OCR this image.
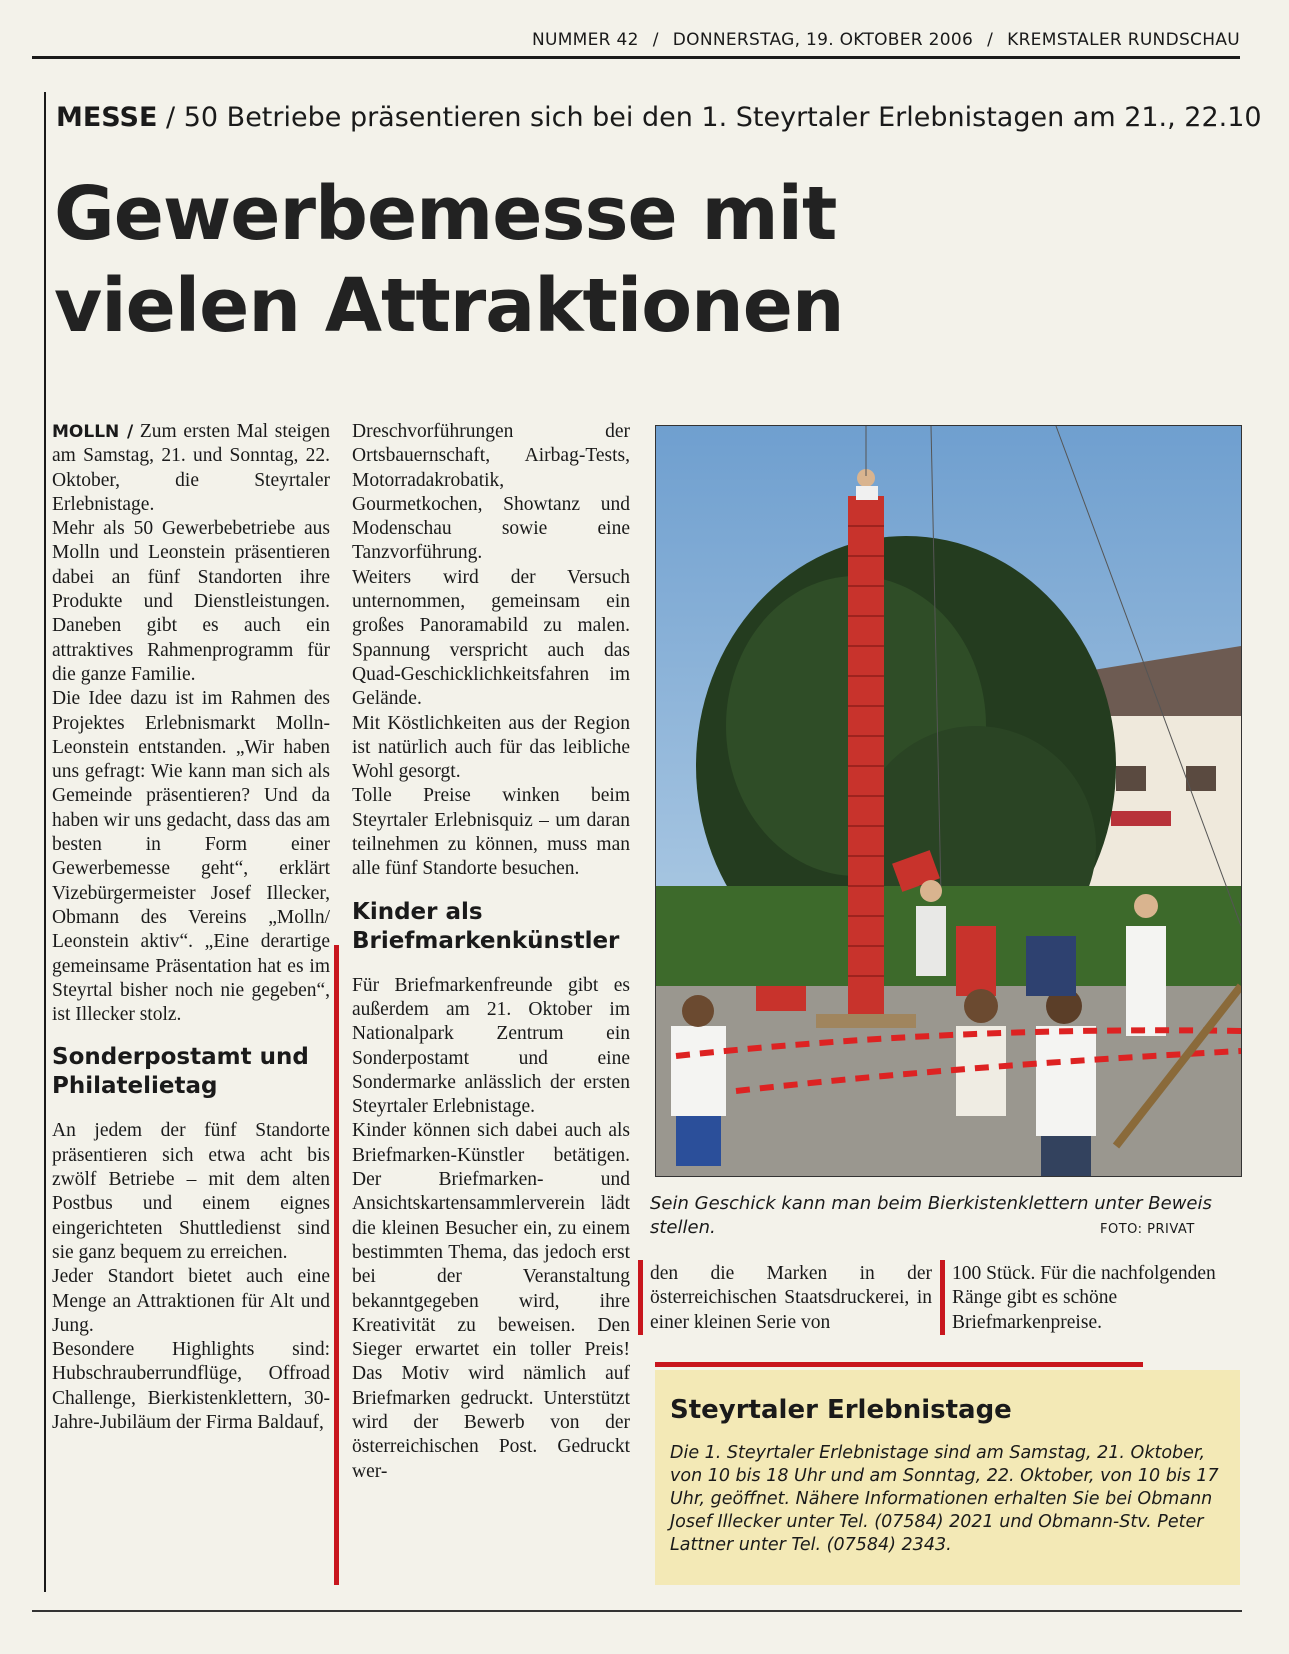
NUMMER 42 / DONNERSTAG, 19. OKTOBER 2006 / KREMSTALER RUNDSCHAU
MESSE / 50 Betriebe präsentieren sich bei den 1. Steyrtaler Erlebnistagen am 21., 22.10
Gewerbemesse mit
vielen Attraktionen

MOLLN / Zum ersten Mal steigen am Samstag, 21. und Sonntag, 22. Oktober, die Steyrtaler Erlebnistage.

Mehr als 50 Gewerbebetriebe aus Molln und Leonstein präsentieren dabei an fünf Standorten ihre Produkte und Dienstleistungen. Daneben gibt es auch ein attraktives Rahmenprogramm für die ganze Familie.

Die Idee dazu ist im Rahmen des Projektes Erlebnismarkt Molln-Leonstein entstanden. „Wir haben uns gefragt: Wie kann man sich als Gemeinde präsentieren? Und da haben wir uns gedacht, dass das am besten in Form einer Gewerbemesse geht“, erklärt Vizebürgermeister Josef Illecker, Obmann des Vereins „Molln/ Leonstein aktiv“. „Eine derartige gemeinsame Präsentation hat es im Steyrtal bisher noch nie gegeben“, ist Illecker stolz.

Sonderpostamt und Philatelietag

An jedem der fünf Standorte präsentieren sich etwa acht bis zwölf Betriebe – mit dem alten Postbus und einem eignes eingerichteten Shuttledienst sind sie ganz bequem zu erreichen.

Jeder Standort bietet auch eine Menge an Attraktionen für Alt und Jung.

Besondere Highlights sind: Hubschrauberrundflüge, Offroad Challenge, Bierkistenklettern, 30-Jahre-Jubiläum der Firma Baldauf,

Dreschvorführungen der Ortsbauernschaft, Airbag-Tests, Motorradakrobatik, Gourmetkochen, Showtanz und Modenschau sowie eine Tanzvorführung.

Weiters wird der Versuch unternommen, gemeinsam ein großes Panoramabild zu malen. Spannung verspricht auch das Quad-Geschicklichkeitsfahren im Gelände.

Mit Köstlichkeiten aus der Region ist natürlich auch für das leibliche Wohl gesorgt.

Tolle Preise winken beim Steyrtaler Erlebnisquiz – um daran teilnehmen zu können, muss man alle fünf Standorte besuchen.

Kinder als Briefmarkenkünstler

Für Briefmarkenfreunde gibt es außerdem am 21. Oktober im Nationalpark Zentrum ein Sonderpostamt und eine Sondermarke anlässlich der ersten Steyrtaler Erlebnistage.

Kinder können sich dabei auch als Briefmarken-Künstler betätigen. Der Briefmarken- und Ansichtskartensammlerverein lädt die kleinen Besucher ein, zu einem bestimmten Thema, das jedoch erst bei der Veranstaltung bekanntgegeben wird, ihre Kreativität zu beweisen. Den Sieger erwartet ein toller Preis! Das Motiv wird nämlich auf Briefmarken gedruckt. Unterstützt wird der Bewerb von der österreichischen Post. Gedruckt wer-

Sein Geschick kann man beim Bierkistenklettern unter Beweis stellen.	FOTO: PRIVAT

den die Marken in der österreichischen Staatsdruckerei, in einer kleinen Serie von

100 Stück. Für die nachfolgenden Ränge gibt es schöne Briefmarkenpreise.

Steyrtaler Erlebnistage
Die 1. Steyrtaler Erlebnistage sind am Samstag, 21. Oktober, von 10 bis 18 Uhr und am Sonntag, 22. Oktober, von 10 bis 17 Uhr, geöffnet. Nähere Informationen erhalten Sie bei Obmann Josef Illecker unter Tel. (07584) 2021 und Obmann-Stv. Peter Lattner unter Tel. (07584) 2343.
